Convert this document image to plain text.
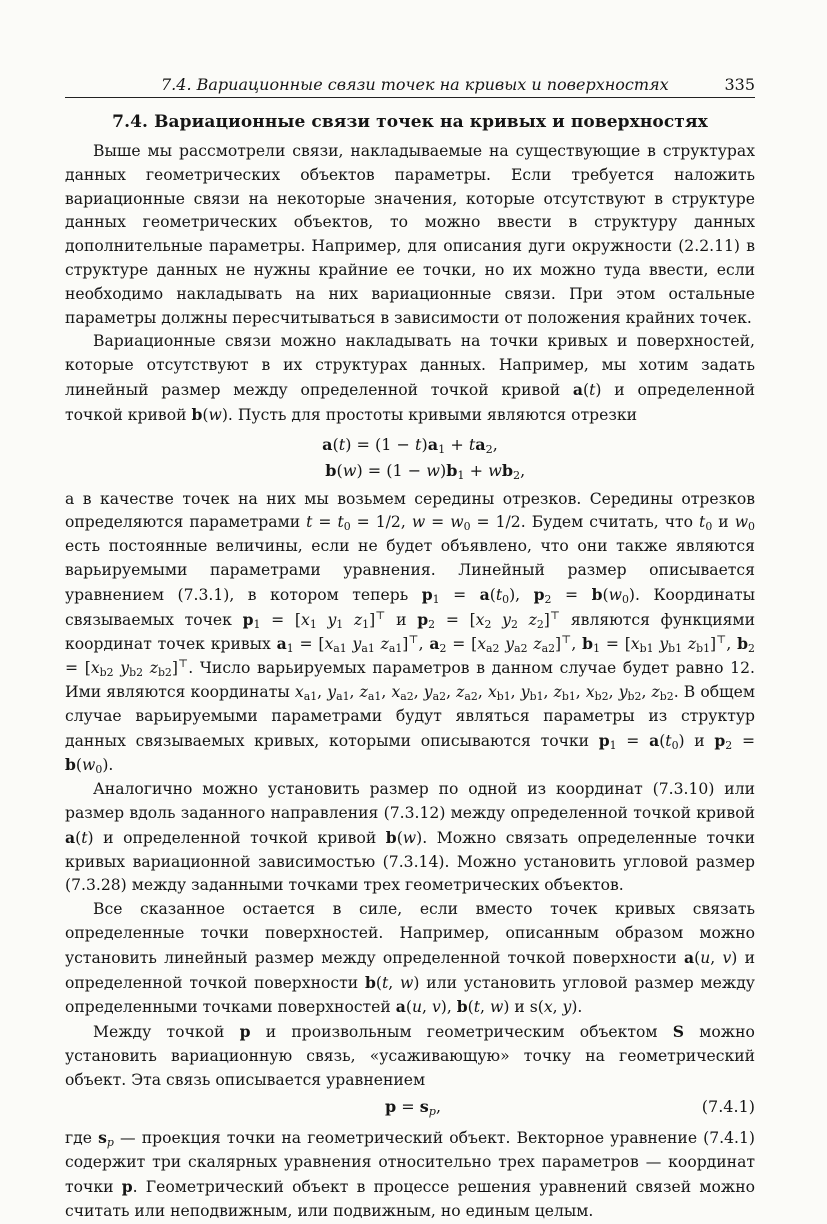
7.4. Вариационные связи точек на кривых и поверхностях	335
7.4. Вариационные связи точек на кривых и поверхностях

Выше мы рассмотрели связи, накладываемые на существующие в структурах данных геометрических объектов параметры. Если требуется наложить вариационные связи на некоторые значения, которые отсутствуют в структуре данных геометрических объектов, то можно ввести в структуру данных дополнительные параметры. Например, для описания дуги окружности (2.2.11) в структуре данных не нужны крайние ее точки, но их можно туда ввести, если необходимо накладывать на них вариационные связи. При этом остальные параметры должны пересчитываться в зависимости от положения крайних точек.

Вариационные связи можно накладывать на точки кривых и поверхностей, которые отсутствуют в их структурах данных. Например, мы хотим задать линейный размер между определенной точкой кривой a(t) и определенной точкой кривой b(w). Пусть для простоты кривыми являются отрезки

$a(t) = (1 - t)a_1 + ta_2$,
$b(w) = (1 - w)b_1 + wb_2$,

а в качестве точек на них мы возьмем середины отрезков. Середины отрезков определяются параметрами $t = t_0 = 1/2$, $w = w_0 = 1/2$. Будем считать, что $t_0$ и $w_0$ есть постоянные величины, если не будет объявлено, что они также являются варьируемыми параметрами уравнения. Линейный размер описывается уравнением (7.3.1), в котором теперь $p_1 = a(t_0)$, $p_2 = b(w_0)$. Координаты связываемых точек $p_1 = [x_1$ $y_1$ $z_1]^⊤$ и $p_2 = [x_2$ $y_2$ $z_2]^⊤$ являются функциями координат точек кривых $a_1 = [x_{a1}$ $y_{a1}$ $z_{a1}]^⊤$, $a_2 = [x_{a2}$ $y_{a2}$ $z_{a2}]^⊤$, $b_1 = [x_{b1}$ $y_{b1}$ $z_{b1}]^⊤$, $b_2 = [x_{b2}$ $y_{b2}$ $z_{b2}]^⊤$. Число варьируемых параметров в данном случае будет равно 12. Ими являются координаты $x_{a1}$, $y_{a1}$, $z_{a1}$, $x_{a2}$, $y_{a2}$, $z_{a2}$, $x_{b1}$, $y_{b1}$, $z_{b1}$, $x_{b2}$, $y_{b2}$, $z_{b2}$. В общем случае варьируемыми параметрами будут являться параметры из структур данных связываемых кривых, которыми описываются точки $p_1 = a(t_0)$ и $p_2 = b(w_0)$.

Аналогично можно установить размер по одной из координат (7.3.10) или размер вдоль заданного направления (7.3.12) между определенной точкой кривой a(t) и определенной точкой кривой b(w). Можно связать определенные точки кривых вариационной зависимостью (7.3.14). Можно установить угловой размер (7.3.28) между заданными точками трех геометрических объектов.

Все сказанное остается в силе, если вместо точек кривых связать определенные точки поверхностей. Например, описанным образом можно установить линейный размер между определенной точкой поверхности a(u, v) и определенной точкой поверхности b(t, w) или установить угловой размер между определенными точками поверхностей a(u, v), b(t, w) и s(x, y).

Между точкой p и произвольным геометрическим объектом S можно установить вариационную связь, «усаживающую» точку на геометрический объект. Эта связь описывается уравнением

$p = s_p$,	(7.4.1)

где $s_p$ — проекция точки на геометрический объект. Векторное уравнение (7.4.1) содержит три скалярных уравнения относительно трех параметров — координат точки p. Геометрический объект в процессе решения уравнений связей можно считать или неподвижным, или подвижным, но единым целым.
